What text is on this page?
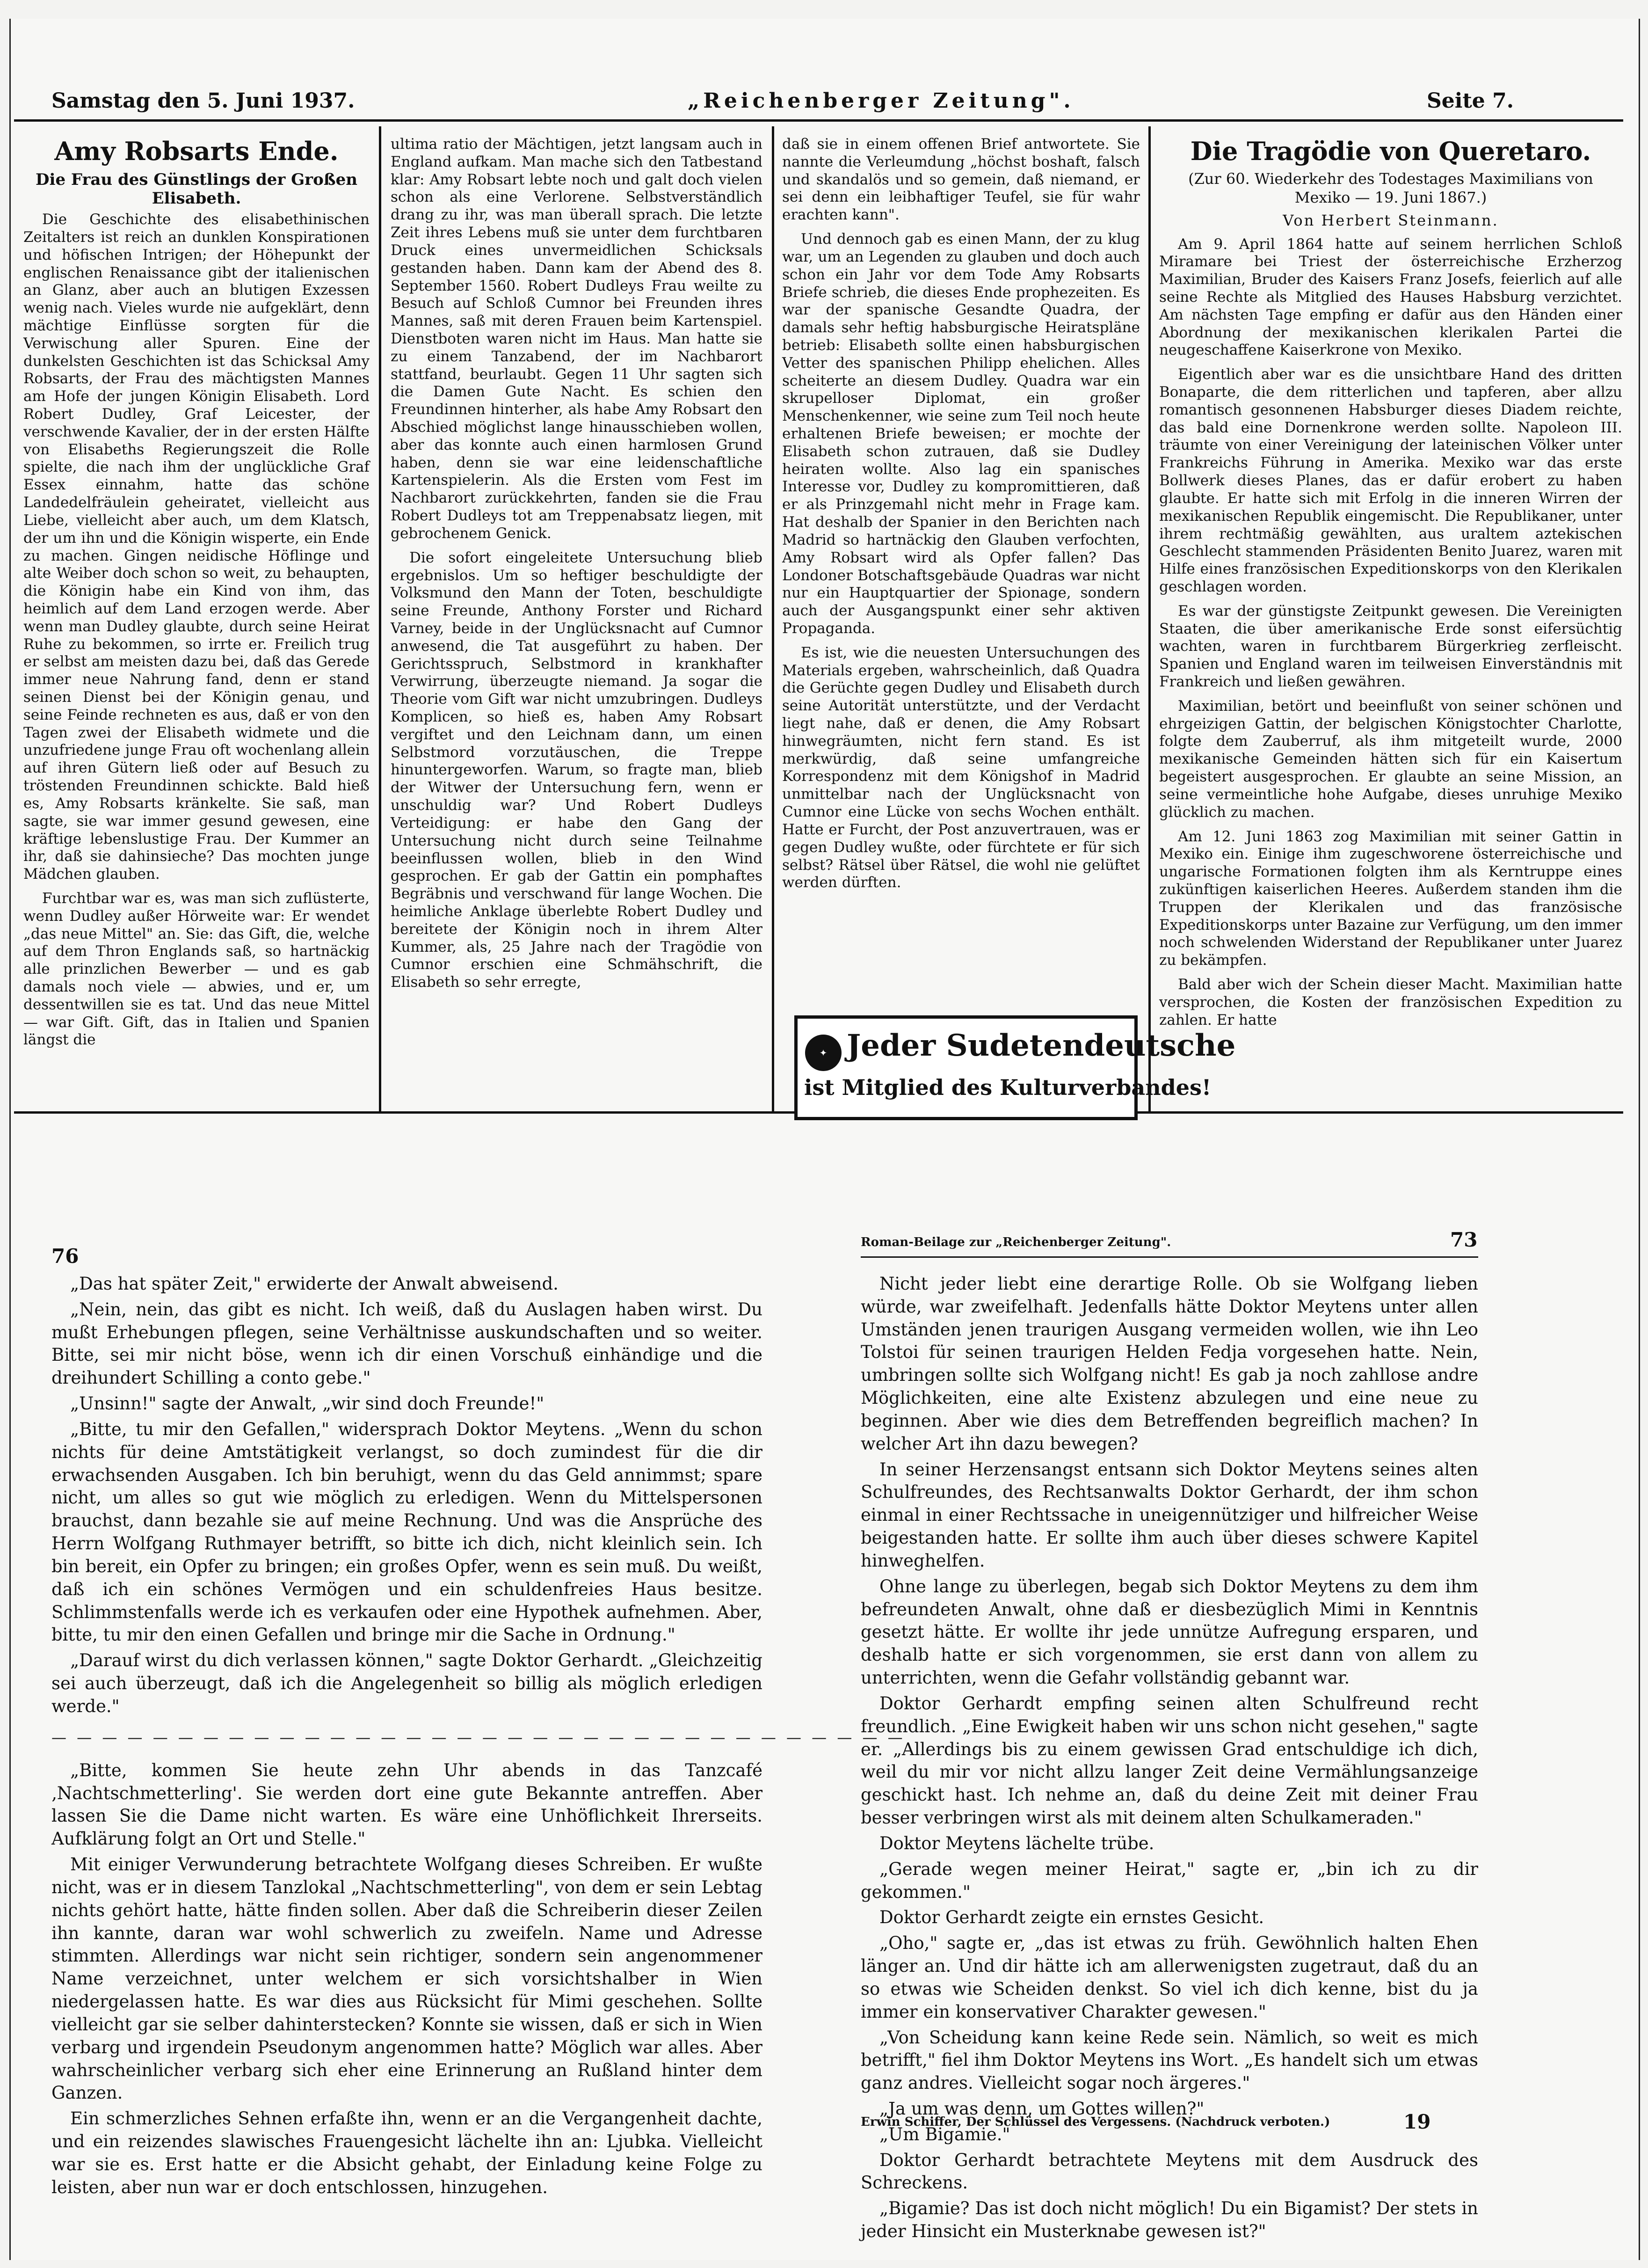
Samstag den 5. Juni 1937.	„Reichenberger Zeitung".	Seite 7.
Amy Robsarts Ende.
Die Frau des Günstlings der Großen Elisabeth.

Die Geschichte des elisabethinischen Zeitalters ist reich an dunklen Konspirationen und höfischen Intrigen; der Höhepunkt der englischen Renaissance gibt der italienischen an Glanz, aber auch an blutigen Exzessen wenig nach. Vieles wurde nie aufgeklärt, denn mächtige Einflüsse sorgten für die Verwischung aller Spuren. Eine der dunkelsten Geschichten ist das Schicksal Amy Robsarts, der Frau des mächtigsten Mannes am Hofe der jungen Königin Elisabeth. Lord Robert Dudley, Graf Leicester, der verschwende Kavalier, der in der ersten Hälfte von Elisabeths Regierungszeit die Rolle spielte, die nach ihm der unglückliche Graf Essex einnahm, hatte das schöne Landedelfräulein geheiratet, vielleicht aus Liebe, vielleicht aber auch, um dem Klatsch, der um ihn und die Königin wisperte, ein Ende zu machen. Gingen neidische Höflinge und alte Weiber doch schon so weit, zu behaupten, die Königin habe ein Kind von ihm, das heimlich auf dem Land erzogen werde. Aber wenn man Dudley glaubte, durch seine Heirat Ruhe zu bekommen, so irrte er. Freilich trug er selbst am meisten dazu bei, daß das Gerede immer neue Nahrung fand, denn er stand seinen Dienst bei der Königin genau, und seine Feinde rechneten es aus, daß er von den Tagen zwei der Elisabeth widmete und die unzufriedene junge Frau oft wochenlang allein auf ihren Gütern ließ oder auf Besuch zu tröstenden Freundinnen schickte. Bald hieß es, Amy Robsarts kränkelte. Sie saß, man sagte, sie war immer gesund gewesen, eine kräftige lebenslustige Frau. Der Kummer an ihr, daß sie dahinsieche? Das mochten junge Mädchen glauben.

Furchtbar war es, was man sich zuflüsterte, wenn Dudley außer Hörweite war: Er wendet „das neue Mittel" an. Sie: das Gift, die, welche auf dem Thron Englands saß, so hartnäckig alle prinzlichen Bewerber — und es gab damals noch viele — abwies, und er, um dessentwillen sie es tat. Und das neue Mittel — war Gift. Gift, das in Italien und Spanien längst die

ultima ratio der Mächtigen, jetzt langsam auch in England aufkam. Man mache sich den Tatbestand klar: Amy Robsart lebte noch und galt doch vielen schon als eine Verlorene. Selbstverständlich drang zu ihr, was man überall sprach. Die letzte Zeit ihres Lebens muß sie unter dem furchtbaren Druck eines unvermeidlichen Schicksals gestanden haben. Dann kam der Abend des 8. September 1560. Robert Dudleys Frau weilte zu Besuch auf Schloß Cumnor bei Freunden ihres Mannes, saß mit deren Frauen beim Kartenspiel. Dienstboten waren nicht im Haus. Man hatte sie zu einem Tanzabend, der im Nachbarort stattfand, beurlaubt. Gegen 11 Uhr sagten sich die Damen Gute Nacht. Es schien den Freundinnen hinterher, als habe Amy Robsart den Abschied möglichst lange hinausschieben wollen, aber das konnte auch einen harmlosen Grund haben, denn sie war eine leidenschaftliche Kartenspielerin. Als die Ersten vom Fest im Nachbarort zurückkehrten, fanden sie die Frau Robert Dudleys tot am Treppenabsatz liegen, mit gebrochenem Genick.

Die sofort eingeleitete Untersuchung blieb ergebnislos. Um so heftiger beschuldigte der Volksmund den Mann der Toten, beschuldigte seine Freunde, Anthony Forster und Richard Varney, beide in der Unglücksnacht auf Cumnor anwesend, die Tat ausgeführt zu haben. Der Gerichtsspruch, Selbstmord in krankhafter Verwirrung, überzeugte niemand. Ja sogar die Theorie vom Gift war nicht umzubringen. Dudleys Komplicen, so hieß es, haben Amy Robsart vergiftet und den Leichnam dann, um einen Selbstmord vorzutäuschen, die Treppe hinuntergeworfen. Warum, so fragte man, blieb der Witwer der Untersuchung fern, wenn er unschuldig war? Und Robert Dudleys Verteidigung: er habe den Gang der Untersuchung nicht durch seine Teilnahme beeinflussen wollen, blieb in den Wind gesprochen. Er gab der Gattin ein pomphaftes Begräbnis und verschwand für lange Wochen. Die heimliche Anklage überlebte Robert Dudley und bereitete der Königin noch in ihrem Alter Kummer, als, 25 Jahre nach der Tragödie von Cumnor erschien eine Schmähschrift, die Elisabeth so sehr erregte,

daß sie in einem offenen Brief antwortete. Sie nannte die Verleumdung „höchst boshaft, falsch und skandalös und so gemein, daß niemand, er sei denn ein leibhaftiger Teufel, sie für wahr erachten kann".

Und dennoch gab es einen Mann, der zu klug war, um an Legenden zu glauben und doch auch schon ein Jahr vor dem Tode Amy Robsarts Briefe schrieb, die dieses Ende prophezeiten. Es war der spanische Gesandte Quadra, der damals sehr heftig habsburgische Heiratspläne betrieb: Elisabeth sollte einen habsburgischen Vetter des spanischen Philipp ehelichen. Alles scheiterte an diesem Dudley. Quadra war ein skrupelloser Diplomat, ein großer Menschenkenner, wie seine zum Teil noch heute erhaltenen Briefe beweisen; er mochte der Elisabeth schon zutrauen, daß sie Dudley heiraten wollte. Also lag ein spanisches Interesse vor, Dudley zu kompromittieren, daß er als Prinzgemahl nicht mehr in Frage kam. Hat deshalb der Spanier in den Berichten nach Madrid so hartnäckig den Glauben verfochten, Amy Robsart wird als Opfer fallen? Das Londoner Botschaftsgebäude Quadras war nicht nur ein Hauptquartier der Spionage, sondern auch der Ausgangspunkt einer sehr aktiven Propaganda.

Es ist, wie die neuesten Untersuchungen des Materials ergeben, wahrscheinlich, daß Quadra die Gerüchte gegen Dudley und Elisabeth durch seine Autorität unterstützte, und der Verdacht liegt nahe, daß er denen, die Amy Robsart hinwegräumten, nicht fern stand. Es ist merkwürdig, daß seine umfangreiche Korrespondenz mit dem Königshof in Madrid unmittelbar nach der Unglücksnacht von Cumnor eine Lücke von sechs Wochen enthält. Hatte er Furcht, der Post anzuvertrauen, was er gegen Dudley wußte, oder fürchtete er für sich selbst? Rätsel über Rätsel, die wohl nie gelüftet werden dürften.

✦ Jeder Sudetendeutsche
ist Mitglied des Kulturverbandes!
Die Tragödie von Queretaro.
(Zur 60. Wiederkehr des Todestages Maximilians von Mexiko — 19. Juni 1867.)
Von Herbert Steinmann.

Am 9. April 1864 hatte auf seinem herrlichen Schloß Miramare bei Triest der österreichische Erzherzog Maximilian, Bruder des Kaisers Franz Josefs, feierlich auf alle seine Rechte als Mitglied des Hauses Habsburg verzichtet. Am nächsten Tage empfing er dafür aus den Händen einer Abordnung der mexikanischen klerikalen Partei die neugeschaffene Kaiserkrone von Mexiko.

Eigentlich aber war es die unsichtbare Hand des dritten Bonaparte, die dem ritterlichen und tapferen, aber allzu romantisch gesonnenen Habsburger dieses Diadem reichte, das bald eine Dornenkrone werden sollte. Napoleon III. träumte von einer Vereinigung der lateinischen Völker unter Frankreichs Führung in Amerika. Mexiko war das erste Bollwerk dieses Planes, das er dafür erobert zu haben glaubte. Er hatte sich mit Erfolg in die inneren Wirren der mexikanischen Republik eingemischt. Die Republikaner, unter ihrem rechtmäßig gewählten, aus uraltem aztekischen Geschlecht stammenden Präsidenten Benito Juarez, waren mit Hilfe eines französischen Expeditionskorps von den Klerikalen geschlagen worden.

Es war der günstigste Zeitpunkt gewesen. Die Vereinigten Staaten, die über amerikanische Erde sonst eifersüchtig wachten, waren in furchtbarem Bürgerkrieg zerfleischt. Spanien und England waren im teilweisen Einverständnis mit Frankreich und ließen gewähren.

Maximilian, betört und beeinflußt von seiner schönen und ehrgeizigen Gattin, der belgischen Königstochter Charlotte, folgte dem Zauberruf, als ihm mitgeteilt wurde, 2000 mexikanische Gemeinden hätten sich für ein Kaisertum begeistert ausgesprochen. Er glaubte an seine Mission, an seine vermeintliche hohe Aufgabe, dieses unruhige Mexiko glücklich zu machen.

Am 12. Juni 1863 zog Maximilian mit seiner Gattin in Mexiko ein. Einige ihm zugeschworene österreichische und ungarische Formationen folgten ihm als Kerntruppe eines zukünftigen kaiserlichen Heeres. Außerdem standen ihm die Truppen der Klerikalen und das französische Expeditionskorps unter Bazaine zur Verfügung, um den immer noch schwelenden Widerstand der Republikaner unter Juarez zu bekämpfen.

Bald aber wich der Schein dieser Macht. Maximilian hatte versprochen, die Kosten der französischen Expedition zu zahlen. Er hatte

76

„Das hat später Zeit," erwiderte der Anwalt abweisend.

„Nein, nein, das gibt es nicht. Ich weiß, daß du Auslagen haben wirst. Du mußt Erhebungen pflegen, seine Verhältnisse auskundschaften und so weiter. Bitte, sei mir nicht böse, wenn ich dir einen Vorschuß einhändige und die dreihundert Schilling a conto gebe."

„Unsinn!" sagte der Anwalt, „wir sind doch Freunde!"

„Bitte, tu mir den Gefallen," widersprach Doktor Meytens. „Wenn du schon nichts für deine Amtstätigkeit verlangst, so doch zumindest für die dir erwachsenden Ausgaben. Ich bin beruhigt, wenn du das Geld annimmst; spare nicht, um alles so gut wie möglich zu erledigen. Wenn du Mittelspersonen brauchst, dann bezahle sie auf meine Rechnung. Und was die Ansprüche des Herrn Wolfgang Ruthmayer betrifft, so bitte ich dich, nicht kleinlich sein. Ich bin bereit, ein Opfer zu bringen; ein großes Opfer, wenn es sein muß. Du weißt, daß ich ein schönes Vermögen und ein schuldenfreies Haus besitze. Schlimmstenfalls werde ich es verkaufen oder eine Hypothek aufnehmen. Aber, bitte, tu mir den einen Gefallen und bringe mir die Sache in Ordnung."

„Darauf wirst du dich verlassen können," sagte Doktor Gerhardt. „Gleichzeitig sei auch überzeugt, daß ich die Angelegenheit so billig als möglich erledigen werde."

— — — — — — — — — — — — — — — — — — — — — — — — — — — — — — — — — —

„Bitte, kommen Sie heute zehn Uhr abends in das Tanzcafé ‚Nachtschmetterling'. Sie werden dort eine gute Bekannte antreffen. Aber lassen Sie die Dame nicht warten. Es wäre eine Unhöflichkeit Ihrerseits. Aufklärung folgt an Ort und Stelle."

Mit einiger Verwunderung betrachtete Wolfgang dieses Schreiben. Er wußte nicht, was er in diesem Tanzlokal „Nachtschmetterling", von dem er sein Lebtag nichts gehört hatte, hätte finden sollen. Aber daß die Schreiberin dieser Zeilen ihn kannte, daran war wohl schwerlich zu zweifeln. Name und Adresse stimmten. Allerdings war nicht sein richtiger, sondern sein angenommener Name verzeichnet, unter welchem er sich vorsichtshalber in Wien niedergelassen hatte. Es war dies aus Rücksicht für Mimi geschehen. Sollte vielleicht gar sie selber dahinterstecken? Konnte sie wissen, daß er sich in Wien verbarg und irgendein Pseudonym angenommen hatte? Möglich war alles. Aber wahrscheinlicher verbarg sich eher eine Erinnerung an Rußland hinter dem Ganzen.

Ein schmerzliches Sehnen erfaßte ihn, wenn er an die Vergangenheit dachte, und ein reizendes slawisches Frauengesicht lächelte ihn an: Ljubka. Vielleicht war sie es. Erst hatte er die Absicht gehabt, der Einladung keine Folge zu leisten, aber nun war er doch entschlossen, hinzugehen.

Roman-Beilage zur „Reichenberger Zeitung".	73

Nicht jeder liebt eine derartige Rolle. Ob sie Wolfgang lieben würde, war zweifelhaft. Jedenfalls hätte Doktor Meytens unter allen Umständen jenen traurigen Ausgang vermeiden wollen, wie ihn Leo Tolstoi für seinen traurigen Helden Fedja vorgesehen hatte. Nein, umbringen sollte sich Wolfgang nicht! Es gab ja noch zahllose andre Möglichkeiten, eine alte Existenz abzulegen und eine neue zu beginnen. Aber wie dies dem Betreffenden begreiflich machen? In welcher Art ihn dazu bewegen?

In seiner Herzensangst entsann sich Doktor Meytens seines alten Schulfreundes, des Rechtsanwalts Doktor Gerhardt, der ihm schon einmal in einer Rechtssache in uneigennütziger und hilfreicher Weise beigestanden hatte. Er sollte ihm auch über dieses schwere Kapitel hinweghelfen.

Ohne lange zu überlegen, begab sich Doktor Meytens zu dem ihm befreundeten Anwalt, ohne daß er diesbezüglich Mimi in Kenntnis gesetzt hätte. Er wollte ihr jede unnütze Aufregung ersparen, und deshalb hatte er sich vorgenommen, sie erst dann von allem zu unterrichten, wenn die Gefahr vollständig gebannt war.

Doktor Gerhardt empfing seinen alten Schulfreund recht freundlich. „Eine Ewigkeit haben wir uns schon nicht gesehen," sagte er. „Allerdings bis zu einem gewissen Grad entschuldige ich dich, weil du mir vor nicht allzu langer Zeit deine Vermählungsanzeige geschickt hast. Ich nehme an, daß du deine Zeit mit deiner Frau besser verbringen wirst als mit deinem alten Schulkameraden."

Doktor Meytens lächelte trübe.

„Gerade wegen meiner Heirat," sagte er, „bin ich zu dir gekommen."

Doktor Gerhardt zeigte ein ernstes Gesicht.

„Oho," sagte er, „das ist etwas zu früh. Gewöhnlich halten Ehen länger an. Und dir hätte ich am allerwenigsten zugetraut, daß du an so etwas wie Scheiden denkst. So viel ich dich kenne, bist du ja immer ein konservativer Charakter gewesen."

„Von Scheidung kann keine Rede sein. Nämlich, so weit es mich betrifft," fiel ihm Doktor Meytens ins Wort. „Es handelt sich um etwas ganz andres. Vielleicht sogar noch ärgeres."

„Ja um was denn, um Gottes willen?"

„Um Bigamie."

Doktor Gerhardt betrachtete Meytens mit dem Ausdruck des Schreckens.

„Bigamie? Das ist doch nicht möglich! Du ein Bigamist? Der stets in jeder Hinsicht ein Musterknabe gewesen ist?"

Erwin Schiffer, Der Schlüssel des Vergessens. (Nachdruck verboten.)	19
